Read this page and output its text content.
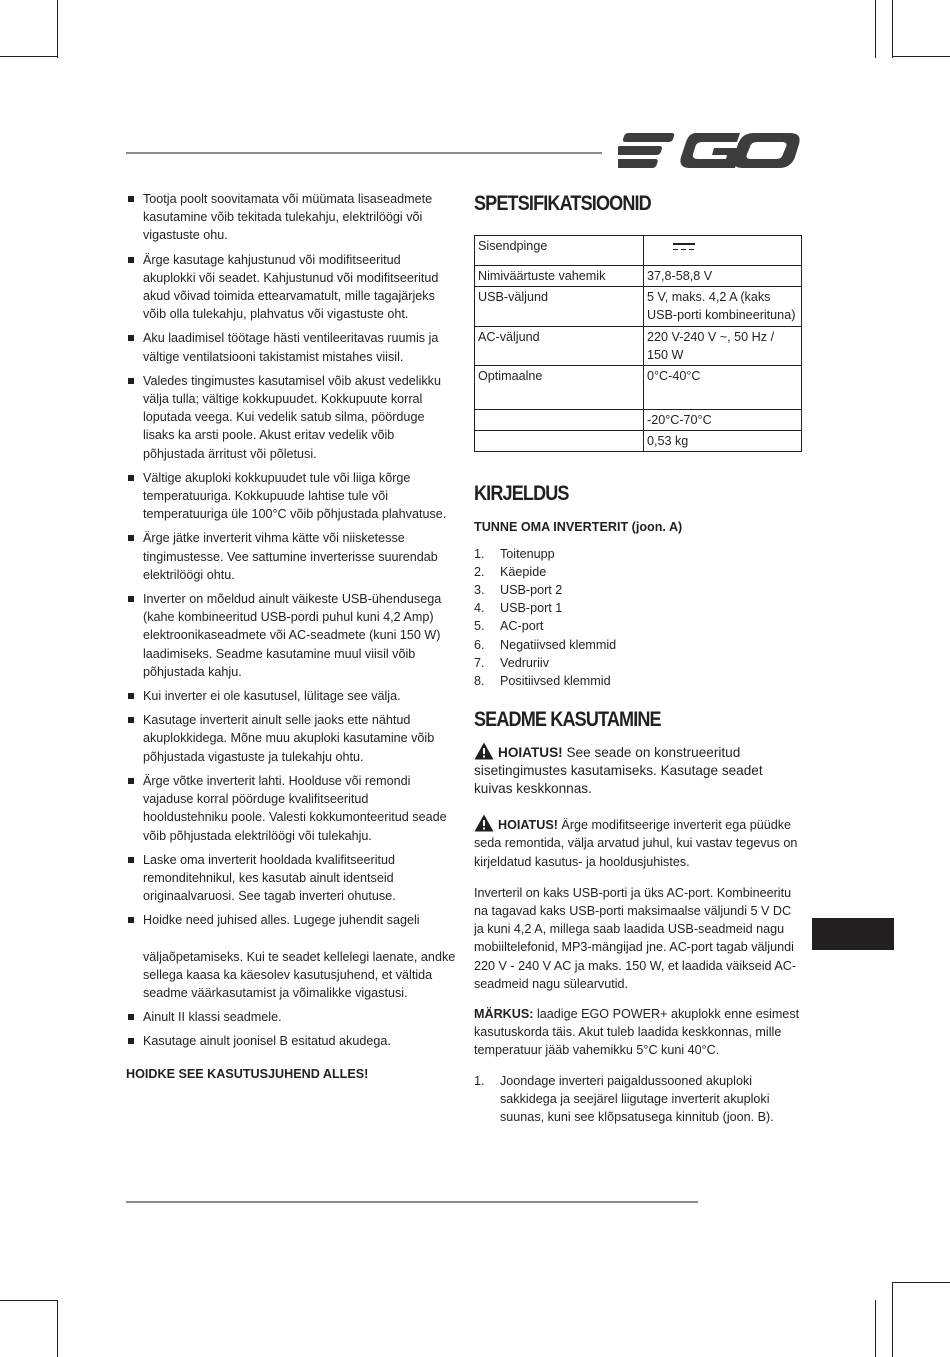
Tootja poolt soovitamata või müümata lisaseadmete kasutamine võib tekitada tulekahju, elektrilöögi või vigastuste ohu.
Ärge kasutage kahjustunud või modifitseeritud akuplokki või seadet. Kahjustunud või modifitseeritud akud võivad toimida ettearvamatult, mille tagajärjeks võib olla tulekahju, plahvatus või vigastuste oht.
Aku laadimisel töötage hästi ventileeritavas ruumis ja vältige ventilatsiooni takistamist mistahes viisil.
Valedes tingimustes kasutamisel võib akust vedelikku välja tulla; vältige kokkupuudet. Kokkupuute korral loputada veega. Kui vedelik satub silma, pöörduge lisaks ka arsti poole. Akust eritav vedelik võib põhjustada ärritust või põletusi.
Vältige akuploki kokkupuudet tule või liiga kõrge temperatuuriga. Kokkupuude lahtise tule või temperatuuriga üle 100°C võib põhjustada plahvatuse.
Ärge jätke inverterit vihma kätte või niisketesse tingimustesse. Vee sattumine inverterisse suurendab elektrilöögi ohtu.
Inverter on mõeldud ainult väikeste USB-ühendusega (kahe kombineeritud USB-pordi puhul kuni 4,2 Amp) elektroonikaseadmete või AC-seadmete (kuni 150 W) laadimiseks. Seadme kasutamine muul viisil võib põhjustada kahju.
Kui inverter ei ole kasutusel, lülitage see välja.
Kasutage inverterit ainult selle jaoks ette nähtud akuplokkidega. Mõne muu akuploki kasutamine võib põhjustada vigastuste ja tulekahju ohtu.
Ärge võtke inverterit lahti. Hoolduse või remondi vajaduse korral pöörduge kvalifitseeritud hooldustehniku poole. Valesti kokkumonteeritud seade võib põhjustada elektrilöögi või tulekahju.
Laske oma inverterit hooldada kvalifitseeritud remonditehnikul, kes kasutab ainult identseid originaalvaruosi. See tagab inverteri ohutuse.
Hoidke need juhised alles. Lugege juhendit sageli
väljaõpetamiseks. Kui te seadet kellelegi laenate, andke sellega kaasa ka käesolev kasutusjuhend, et vältida seadme väärkasutamist ja võimalikke vigastusi.
Ainult II klassi seadmele.
Kasutage ainult joonisel B esitatud akudega.
HOIDKE SEE KASUTUSJUHEND ALLES!
SPETSIFIKATSIOONID
Sisendpinge	

Nimiväärtuste vahemik	37,8-58,8 V
USB-väljund	5 V, maks. 4,2 A (kaks USB-porti kombineerituna)
AC-väljund	220 V-240 V ~, 50 Hz / 150 W
Optimaalne	0°C-40°C
	-20°C-70°C
	0,53 kg
KIRJELDUS
TUNNE OMA INVERTERIT (joon. A)
1.	Toitenupp
2.	Käepide
3.	USB-port 2
4.	USB-port 1
5.	AC-port
6.	Negatiivsed klemmid
7.	Vedruriiv
8.	Positiivsed klemmid
SEADME KASUTAMINE

HOIATUS! See seade on konstrueeritud sisetingimustes kasutamiseks. Kasutage seadet kuivas keskkonnas.

HOIATUS! Ärge modifitseerige inverterit ega püüdke seda remontida, välja arvatud juhul, kui vastav tegevus on kirjeldatud kasutus- ja hooldusjuhistes.

Inverteril on kaks USB-porti ja üks AC-port. Kombineeritu na tagavad kaks USB-porti maksimaalse väljundi 5 V DC ja kuni 4,2 A, millega saab laadida USB-seadmeid nagu mobiiltelefonid, MP3-mängijad jne. AC-port tagab väljundi 220 V - 240 V AC ja maks. 150 W, et laadida väikseid AC-seadmeid nagu sülearvutid.

MÄRKUS: laadige EGO POWER+ akuplokk enne esimest kasutuskorda täis. Akut tuleb laadida keskkonnas, mille temperatuur jääb vahemikku 5°C kuni 40°C.

1.	Joondage inverteri paigaldussooned akuploki sakkidega ja seejärel liigutage inverterit akuploki suunas, kuni see klõpsatusega kinnitub (joon. B).
